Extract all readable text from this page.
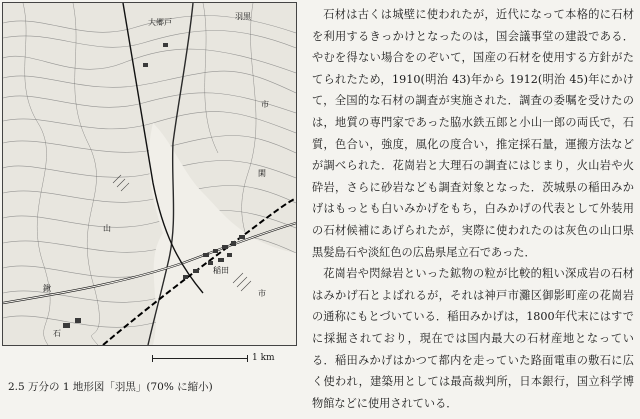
1 km
2.5 万分の 1 地形図「羽黒」(70% に縮小)

石材は古くは城壁に使われたが，近代になって本格的に石材を利用するきっかけとなったのは，国会議事堂の建設である．やむを得ない場合をのぞいて，国産の石材を使用する方針がたてられたため，1910(明治 43)年から 1912(明治 45)年にかけて，全国的な石材の調査が実施された．調査の委嘱を受けたのは，地質の専門家であった脇水鉄五郎と小山一郎の両氏で，石質，色合い，強度，風化の度合い，推定採石量，運搬方法などが調べられた．花崗岩と大理石の調査にはじまり，火山岩や火砕岩，さらに砂岩なども調査対象となった．茨城県の稲田みかげはもっとも白いみかげをもち，白みかげの代表として外装用の石材候補にあげられたが，実際に使われたのは灰色の山口県黒髪島石や淡紅色の広島県尾立石であった．

花崗岩や閃緑岩といった鉱物の粒が比較的粗い深成岩の石材はみかげ石とよばれるが，それは神戸市灘区御影町産の花崗岩の通称にもとづいている．稲田みかげは，1800年代末にはすでに採掘されており，現在では国内最大の石材産地となっている．稲田みかげはかつて都内を走っていた路面電車の敷石に広く使われ，建築用としては最高裁判所，日本銀行，国立科学博物館などに使用されている．

羽黒
大郷戸
閑
稲田
市
山
鍬
市
石
